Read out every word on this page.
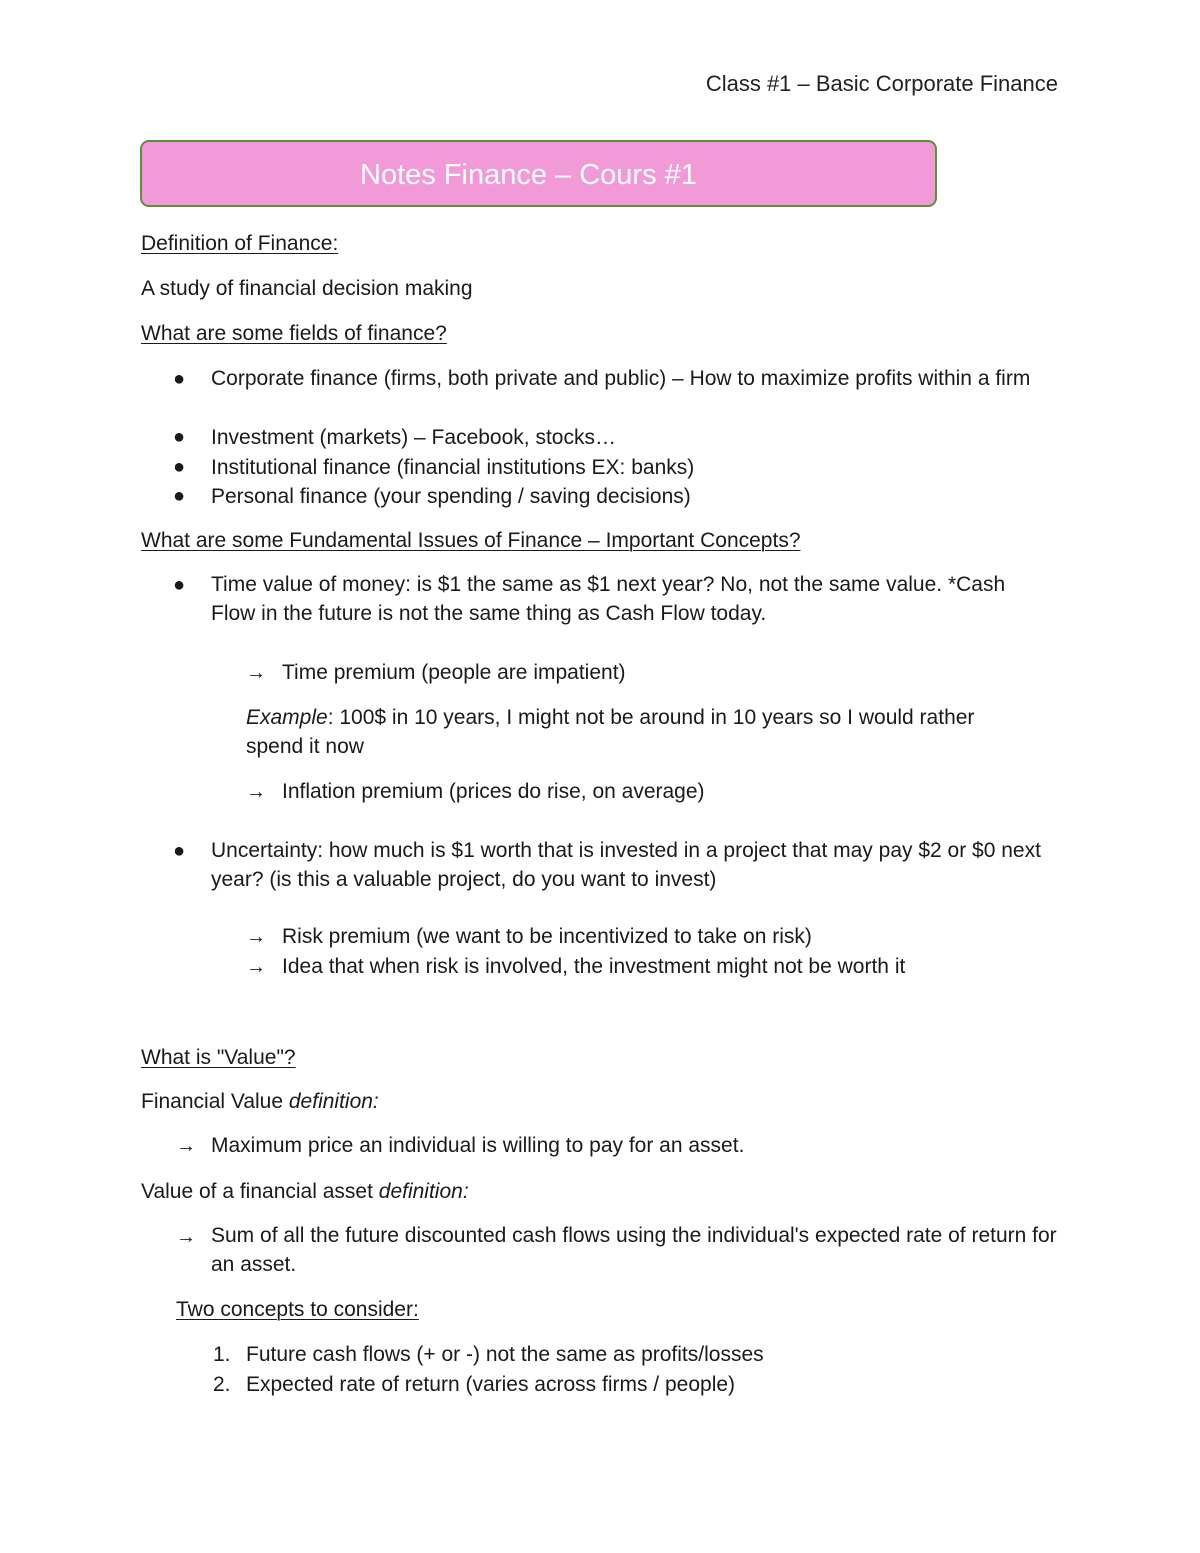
Class #1 – Basic Corporate Finance
Notes Finance – Cours #1
Definition of Finance:
A study of financial decision making
What are some fields of finance?
● Corporate finance (firms, both private and public) – How to maximize profits within a firm
● Investment (markets) – Facebook, stocks…
● Institutional finance (financial institutions EX: banks)
● Personal finance (your spending / saving decisions)
What are some Fundamental Issues of Finance – Important Concepts?
● Time value of money: is $1 the same as $1 next year? No, not the same value. *Cash Flow in the future is not the same thing as Cash Flow today.
→ Time premium (people are impatient)
Example: 100$ in 10 years, I might not be around in 10 years so I would rather spend it now
→ Inflation premium (prices do rise, on average)
● Uncertainty: how much is $1 worth that is invested in a project that may pay $2 or $0 next year? (is this a valuable project, do you want to invest)
→ Risk premium (we want to be incentivized to take on risk)
→ Idea that when risk is involved, the investment might not be worth it
What is "Value"?
Financial Value definition:
→ Maximum price an individual is willing to pay for an asset.
Value of a financial asset definition:
→ Sum of all the future discounted cash flows using the individual's expected rate of return for an asset.
Two concepts to consider:
1. Future cash flows (+ or -) not the same as profits/losses
2. Expected rate of return (varies across firms / people)
